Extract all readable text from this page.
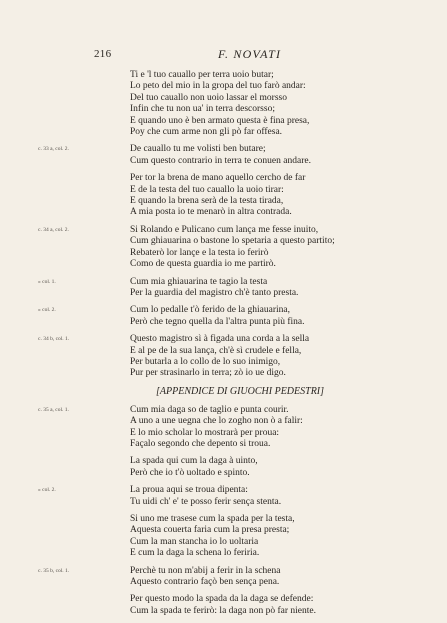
216	F. NOVATI
Ti e 'l tuo cauallo per terra uoio butar;
Lo peto del mio in la gropa del tuo farò andar:
Del tuo cauallo non uoio lassar el morsso
Infin che tu non ua' in terra descorsso;
E quando uno è ben armato questa è fina presa,
Poy che cum arme non gli pò far offesa.
c. 33 a, col. 2.	De cauallo tu me volisti ben butare;
Cum questo contrario in terra te conuen andare.
Per tor la brena de mano aquello cercho de far
E de la testa del tuo cauallo la uoio tirar:
E quando la brena serà de la testa tirada,
A mia posta io te menarò in altra contrada.
c. 34 a, col. 2.	Si Rolando e Pulicano cum lança me fesse inuito,
Cum ghiauarina o bastone lo spetaria a questo partito;
Rebaterò lor lançe e la testa io ferirò
Como de questa guardia io me partirò.
» col. 1.	Cum mia ghiauarina te tagio la testa
Per la guardia del magistro ch'è tanto presta.
» col. 2.	Cum lo pedalle t'ò ferido de la ghiauarina,
Però che tegno quella da l'altra punta più fina.
c. 34 b, col. 1.	Questo magistro sì à figada una corda a la sella
E al pe de la sua lança, ch'è sì crudele e fella,
Per butarla a lo collo de lo suo inimigo,
Pur per strasinarlo in terra; zò io ue digo.
[APPENDICE DI GIUOCHI PEDESTRI]
c. 35 a, col. 1.	Cum mia daga so de taglio e punta courir.
A uno a une uegna che lo zogho non ò a falir:
E lo mio scholar lo mostrarà per proua:
Façalo segondo che depento si troua.
La spada qui cum la daga à uinto,
Però che io t'ò uoltado e spinto.
» col. 2.	La proua aqui se troua dipenta:
Tu uidi ch' e' te posso ferir sença stenta.
Si uno me trasese cum la spada per la testa,
Aquesta couerta faria cum la presa presta;
Cum la man stancha io lo uoltaria
E cum la daga la schena lo feriria.
c. 35 b, col. 1.	Perchè tu non m'abij a ferir in la schena
Aquesto contrario façò ben sença pena.
Per questo modo la spada da la daga se defende:
Cum la spada te ferirò: la daga non pò far niente.
